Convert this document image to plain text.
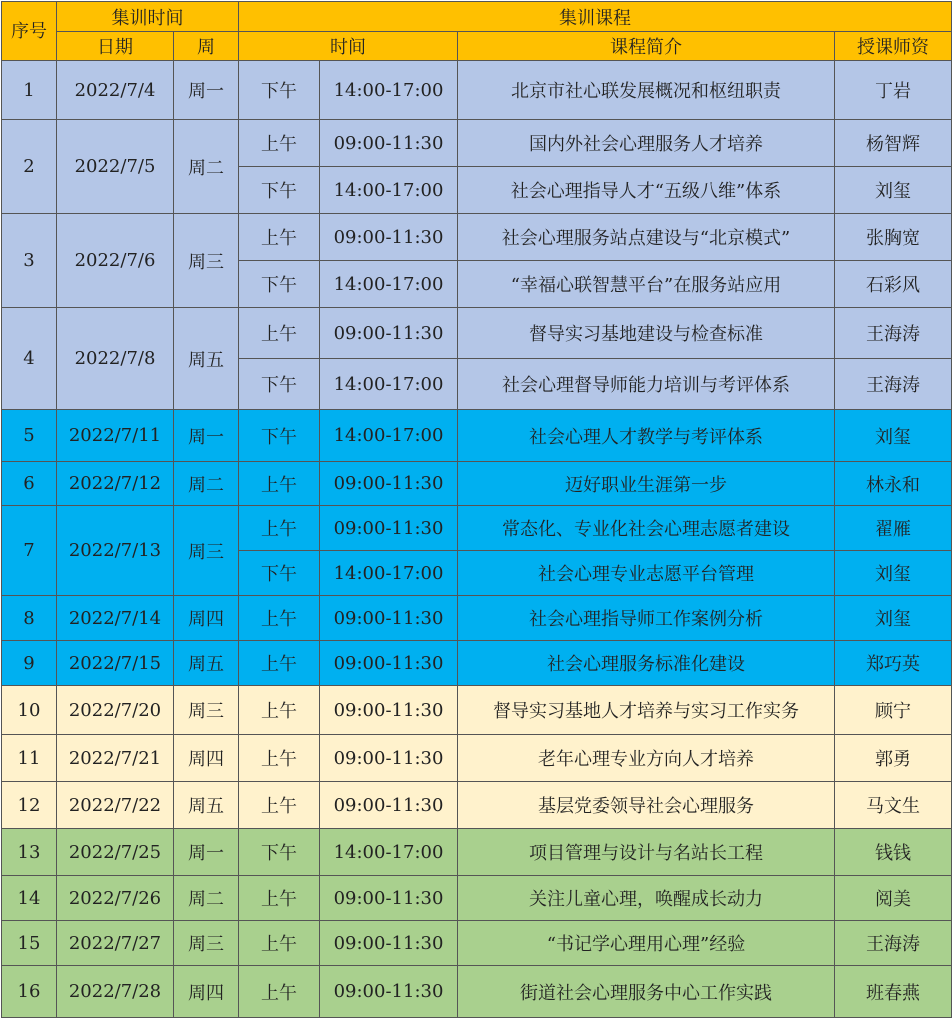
序号	集训时间		集训课程			
	日期	周	时间		课程简介	授课师资
1	2022/7/4	周一	下午	14:00-17:00	北京市社心联发展概况和枢纽职责	丁岩
2	2022/7/5	周二	上午	09:00-11:30	国内外社会心理服务人才培养	杨智辉
			下午	14:00-17:00	社会心理指导人才“五级八维”体系	刘玺
3	2022/7/6	周三	上午	09:00-11:30	社会心理服务站点建设与“北京模式”	张胸宽
			下午	14:00-17:00	“幸福心联智慧平台”在服务站应用	石彩风
4	2022/7/8	周五	上午	09:00-11:30	督导实习基地建设与检查标准	王海涛
			下午	14:00-17:00	社会心理督导师能力培训与考评体系	王海涛
5	2022/7/11	周一	下午	14:00-17:00	社会心理人才教学与考评体系	刘玺
6	2022/7/12	周二	上午	09:00-11:30	迈好职业生涯第一步	林永和
7	2022/7/13	周三	上午	09:00-11:30	常态化、专业化社会心理志愿者建设	翟雁
			下午	14:00-17:00	社会心理专业志愿平台管理	刘玺
8	2022/7/14	周四	上午	09:00-11:30	社会心理指导师工作案例分析	刘玺
9	2022/7/15	周五	上午	09:00-11:30	社会心理服务标准化建设	郑巧英
10	2022/7/20	周三	上午	09:00-11:30	督导实习基地人才培养与实习工作实务	顾宁
11	2022/7/21	周四	上午	09:00-11:30	老年心理专业方向人才培养	郭勇
12	2022/7/22	周五	上午	09:00-11:30	基层党委领导社会心理服务	马文生
13	2022/7/25	周一	下午	14:00-17:00	项目管理与设计与名站长工程	钱钱
14	2022/7/26	周二	上午	09:00-11:30	关注儿童心理，唤醒成长动力	阅美
15	2022/7/27	周三	上午	09:00-11:30	“书记学心理用心理”经验	王海涛
16	2022/7/28	周四	上午	09:00-11:30	街道社会心理服务中心工作实践	班春燕
